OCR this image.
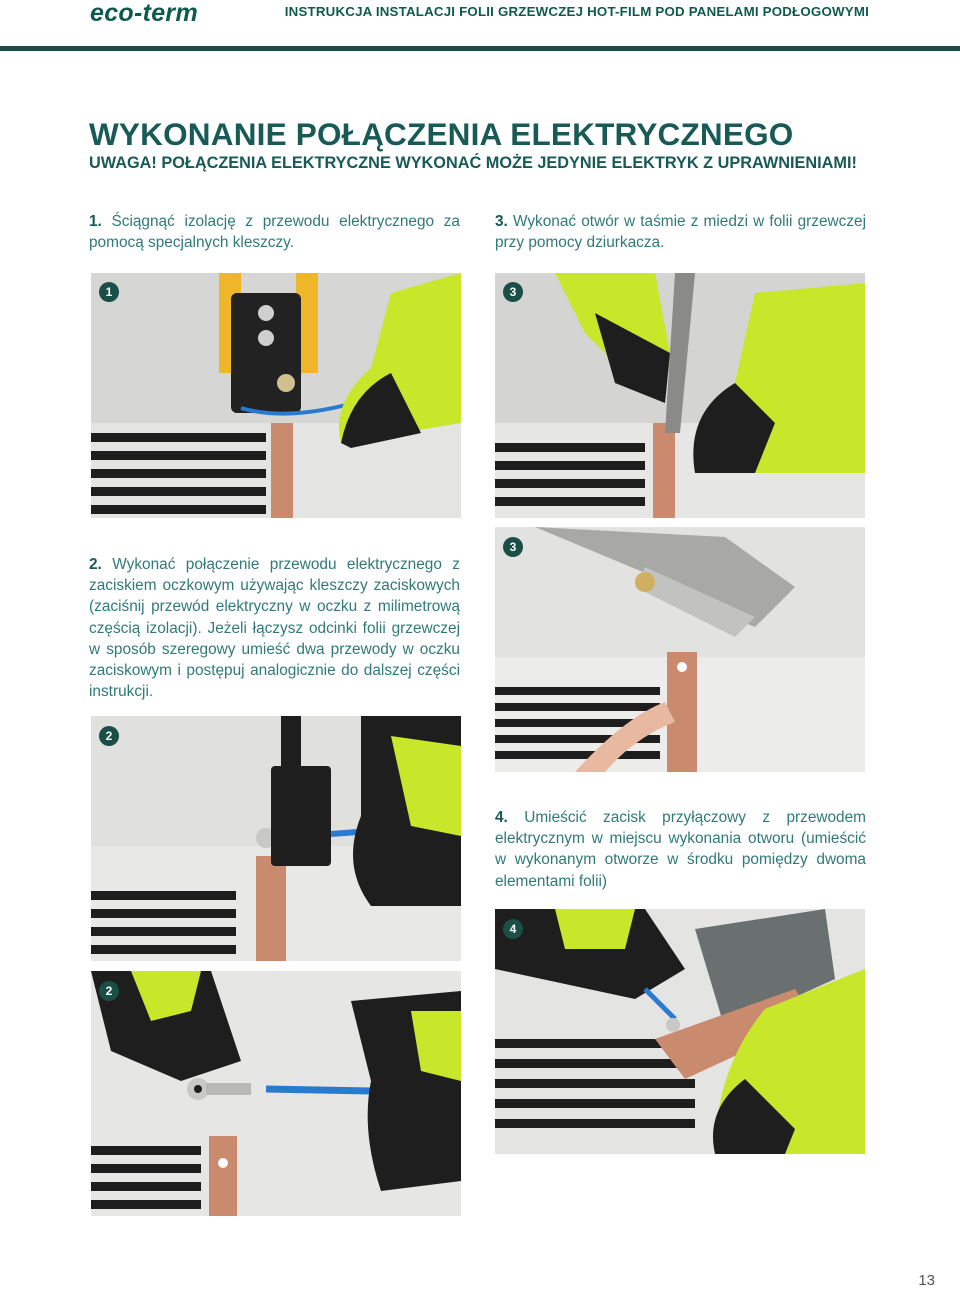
eco-term	INSTRUKCJA INSTALACJI FOLII GRZEWCZEJ HOT-FILM POD PANELAMI PODŁOGOWYMI
WYKONANIE POŁĄCZENIA ELEKTRYCZNEGO
UWAGA! POŁĄCZENIA ELEKTRYCZNE WYKONAĆ MOŻE JEDYNIE ELEKTRYK Z UPRAWNIENIAMI!

1. Ściągnąć izolację z przewodu elektrycznego za pomocą specjalnych kleszczy.

3. Wykonać otwór w taśmie z miedzi w folii grzewczej przy pomocy dziurkacza.

1	3

2. Wykonać połączenie przewodu elektrycznego z zaciskiem oczkowym używając kleszczy zaciskowych (zaciśnij przewód elektryczny w oczku z milimetrową częścią izolacji). Jeżeli łączysz odcinki folii grzewczej w sposób szeregowy umieść dwa przewody w oczku zaciskowym i postępuj analogicznie do dalszej części instrukcji.

3
2

4. Umieścić zacisk przyłączowy z przewodem elektrycznym w miejscu wykonania otworu (umieścić w wykonanym otworze w środku pomiędzy dwoma elementami folii)

4
2
13
